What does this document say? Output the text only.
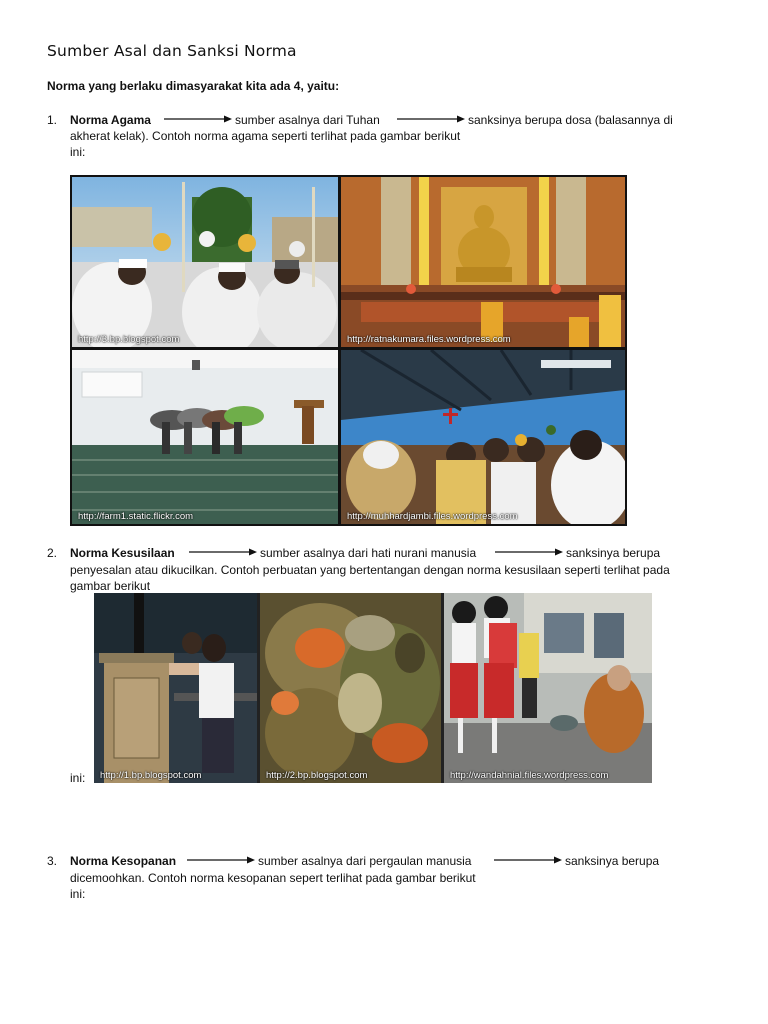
Sumber Asal dan Sanksi Norma
Norma yang berlaku dimasyarakat kita ada 4, yaitu:
1. Norma Agama	sumber asalnya dari Tuhan	sanksinya berupa dosa (balasannya di
akherat kelak). Contoh norma agama seperti terlihat pada gambar berikut
ini:
http://3.bp.blogspot.com	http://ratnakumara.files.wordpress.com
http://farm1.static.flickr.com	http://muhhardjambi.files.wordpress.com
2. Norma Kesusilaan	sumber asalnya dari hati nurani manusia	sanksinya berupa
penyesalan atau dikucilkan. Contoh perbuatan yang bertentangan dengan norma kesusilaan seperti terlihat pada
gambar berikut
ini: http://1.bp.blogspot.com	http://2.bp.blogspot.com	http://wandahnial.files.wordpress.com
3. Norma Kesopanan	sumber asalnya dari pergaulan manusia	sanksinya berupa
dicemoohkan. Contoh norma kesopanan sepert terlihat pada gambar berikut
ini:
